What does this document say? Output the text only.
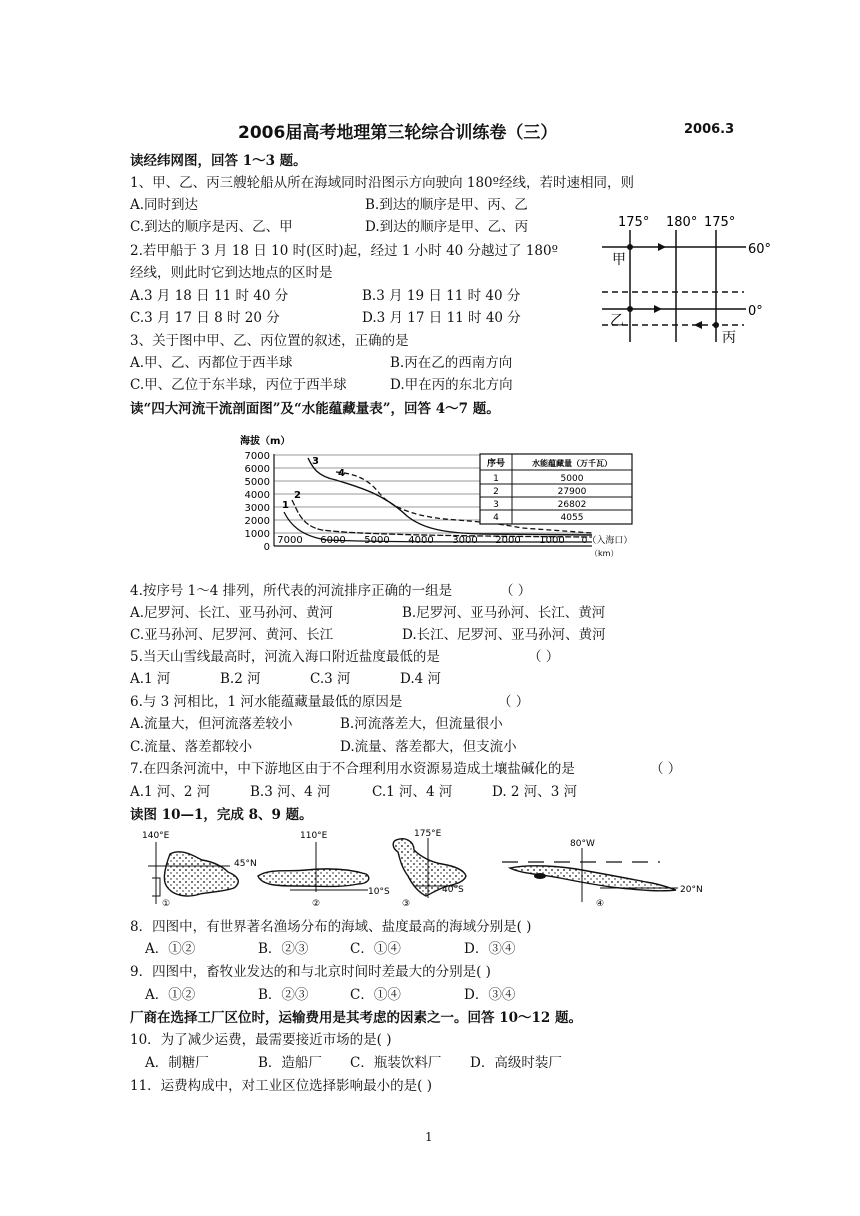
2006届高考地理第三轮综合训练卷（三）	2006.3
读经纬网图，回答 1～3 题。
1、甲、乙、丙三艘轮船从所在海域同时沿图示方向驶向 180º经线，若时速相同，则
A.同时到达	B.到达的顺序是甲、丙、乙
C.到达的顺序是丙、乙、甲	D.到达的顺序是甲、乙、丙
2.若甲船于 3 月 18 日 10 时(区时)起，经过 1 小时 40 分越过了 180º
经线，则此时它到达地点的区时是
A.3 月 18 日 11 时 40 分	B.3 月 19 日 11 时 40 分
C.3 月 17 日 8 时 20 分	D.3 月 17 日 11 时 40 分
3、关于图中甲、乙、丙位置的叙述，正确的是
A.甲、乙、丙都位于西半球	B.丙在乙的西南方向
C.甲、乙位于东半球，丙位于西半球	D.甲在丙的东北方向
175° 180° 175°
60°
0°
甲
乙
丙
读“四大河流干流剖面图”及“水能蕴藏量表”，回答 4～7 题。
海拔（m）
7000
6000
5000
4000
3000
2000
1000
0
3
4
2
1
7000 6000 5000 4000 3000 2000 1000 0（入海口）
（km）
序号	水能蕴藏量（万千瓦）
1	5000
2	27900
3	26802
4	4055
4.按序号 1～4 排列，所代表的河流排序正确的一组是	（ ）
A.尼罗河、长江、亚马孙河、黄河	B.尼罗河、亚马孙河、长江、黄河
C.亚马孙河、尼罗河、黄河、长江	D.长江、尼罗河、亚马孙河、黄河
5.当天山雪线最高时，河流入海口附近盐度最低的是	（ ）
A.1 河	B.2 河	C.3 河	D.4 河
6.与 3 河相比，1 河水能蕴藏量最低的原因是	（ ）
A.流量大，但河流落差较小	B.河流落差大，但流量很小
C.流量、落差都较小	D.流量、落差都大，但支流小
7.在四条河流中，中下游地区由于不合理利用水资源易造成土壤盐碱化的是	（ ）
A.1 河、2 河	B.3 河、4 河	C.1 河、4 河	D. 2 河、3 河
读图 10—1，完成 8、9 题。
140°E
45°N
①
110°E
10°S
②
175°E
40°S
③
80°W
20°N
④
8．四图中，有世界著名渔场分布的海域、盐度最高的海域分别是( )
A．①②	B．②③	C．①④	D．③④
9．四图中，畜牧业发达的和与北京时间时差最大的分别是( )
A．①②	B．②③	C．①④	D．③④
厂商在选择工厂区位时，运输费用是其考虑的因素之一。回答 10～12 题。
10．为了减少运费，最需要接近市场的是( )
A．制糖厂	B．造船厂 C．瓶装饮料厂 D．高级时装厂
11．运费构成中，对工业区位选择影响最小的是( )
1
